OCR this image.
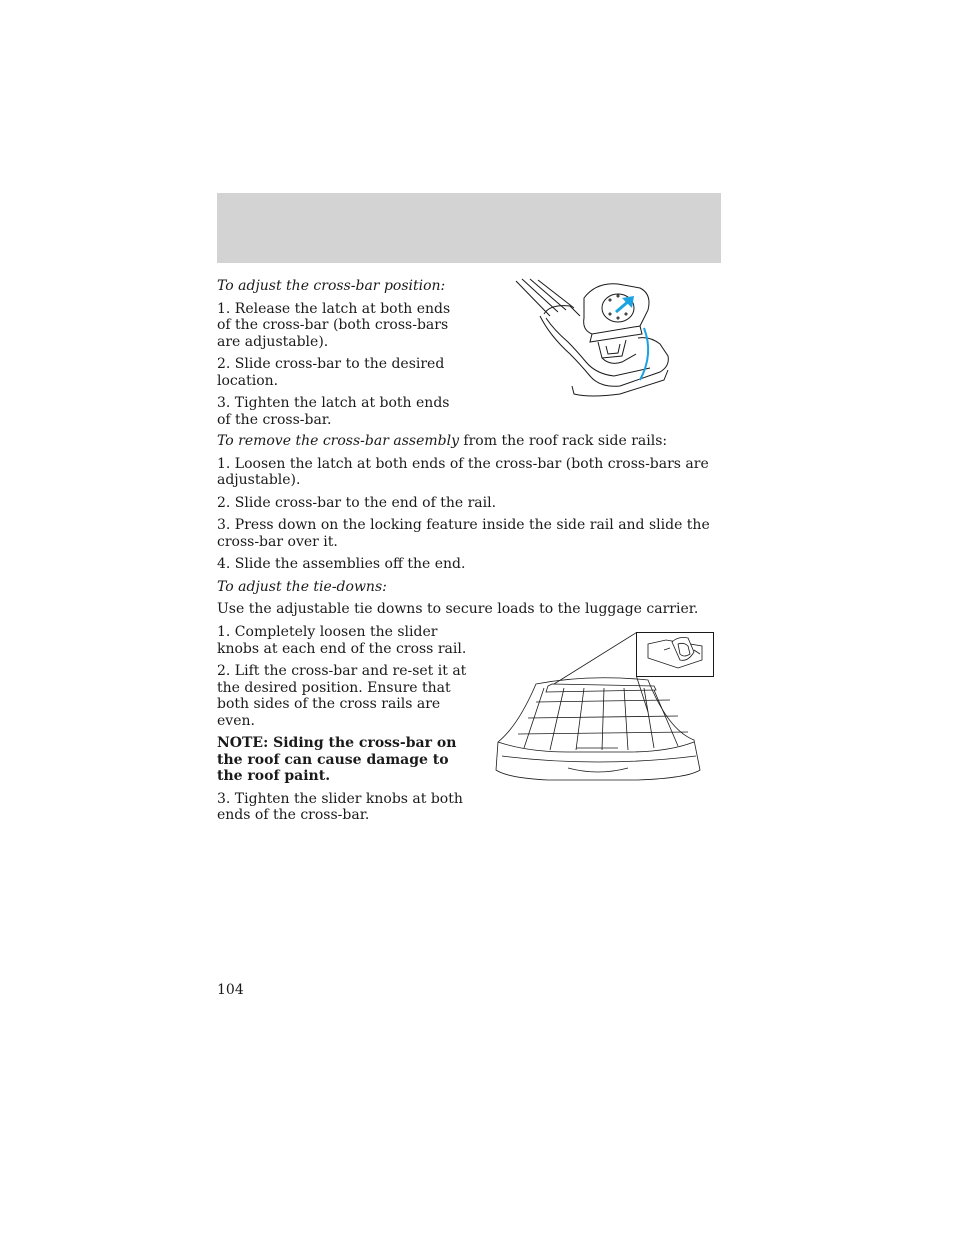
To adjust the cross-bar position:

1. Release the latch at both ends of the cross-bar (both cross-bars are adjustable).

2. Slide cross-bar to the desired location.

3. Tighten the latch at both ends of the cross-bar.

To remove the cross-bar assembly from the roof rack side rails:

1. Loosen the latch at both ends of the cross-bar (both cross-bars are adjustable).

2. Slide cross-bar to the end of the rail.

3. Press down on the locking feature inside the side rail and slide the cross-bar over it.

4. Slide the assemblies off the end.

To adjust the tie-downs:

Use the adjustable tie downs to secure loads to the luggage carrier.

1. Completely loosen the slider knobs at each end of the cross rail.

2. Lift the cross-bar and re-set it at the desired position. Ensure that both sides of the cross rails are even.

NOTE: Siding the cross-bar on the roof can cause damage to the roof paint.

3. Tighten the slider knobs at both ends of the cross-bar.

104
